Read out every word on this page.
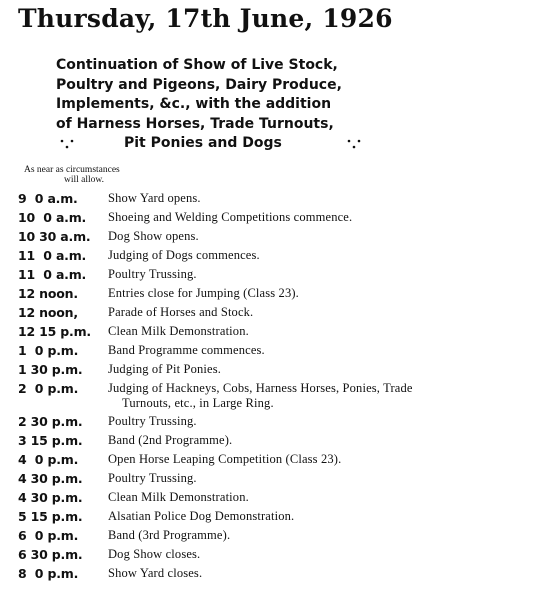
Thursday, 17th June, 1926
Continuation of Show of Live Stock,
Poultry and Pigeons, Dairy Produce,
Implements, &c., with the addition
of Harness Horses, Trade Turnouts,
Pit Ponies and Dogs
As near as circumstances
will allow.
9  0 a.m.	Show Yard opens.
10  0 a.m.	Shoeing and Welding Competitions commence.
10 30 a.m.	Dog Show opens.
11  0 a.m.	Judging of Dogs commences.
11  0 a.m.	Poultry Trussing.
12 noon.	Entries close for Jumping (Class 23).
12 noon,	Parade of Horses and Stock.
12 15 p.m.	Clean Milk Demonstration.
1  0 p.m.	Band Programme commences.
1 30 p.m.	Judging of Pit Ponies.
2  0 p.m.	Judging of Hackneys, Cobs, Harness Horses, Ponies, Trade
Turnouts, etc., in Large Ring.
2 30 p.m.	Poultry Trussing.
3 15 p.m.	Band (2nd Programme).
4  0 p.m.	Open Horse Leaping Competition (Class 23).
4 30 p.m.	Poultry Trussing.
4 30 p.m.	Clean Milk Demonstration.
5 15 p.m.	Alsatian Police Dog Demonstration.
6  0 p.m.	Band (3rd Programme).
6 30 p.m.	Dog Show closes.
8  0 p.m.	Show Yard closes.
